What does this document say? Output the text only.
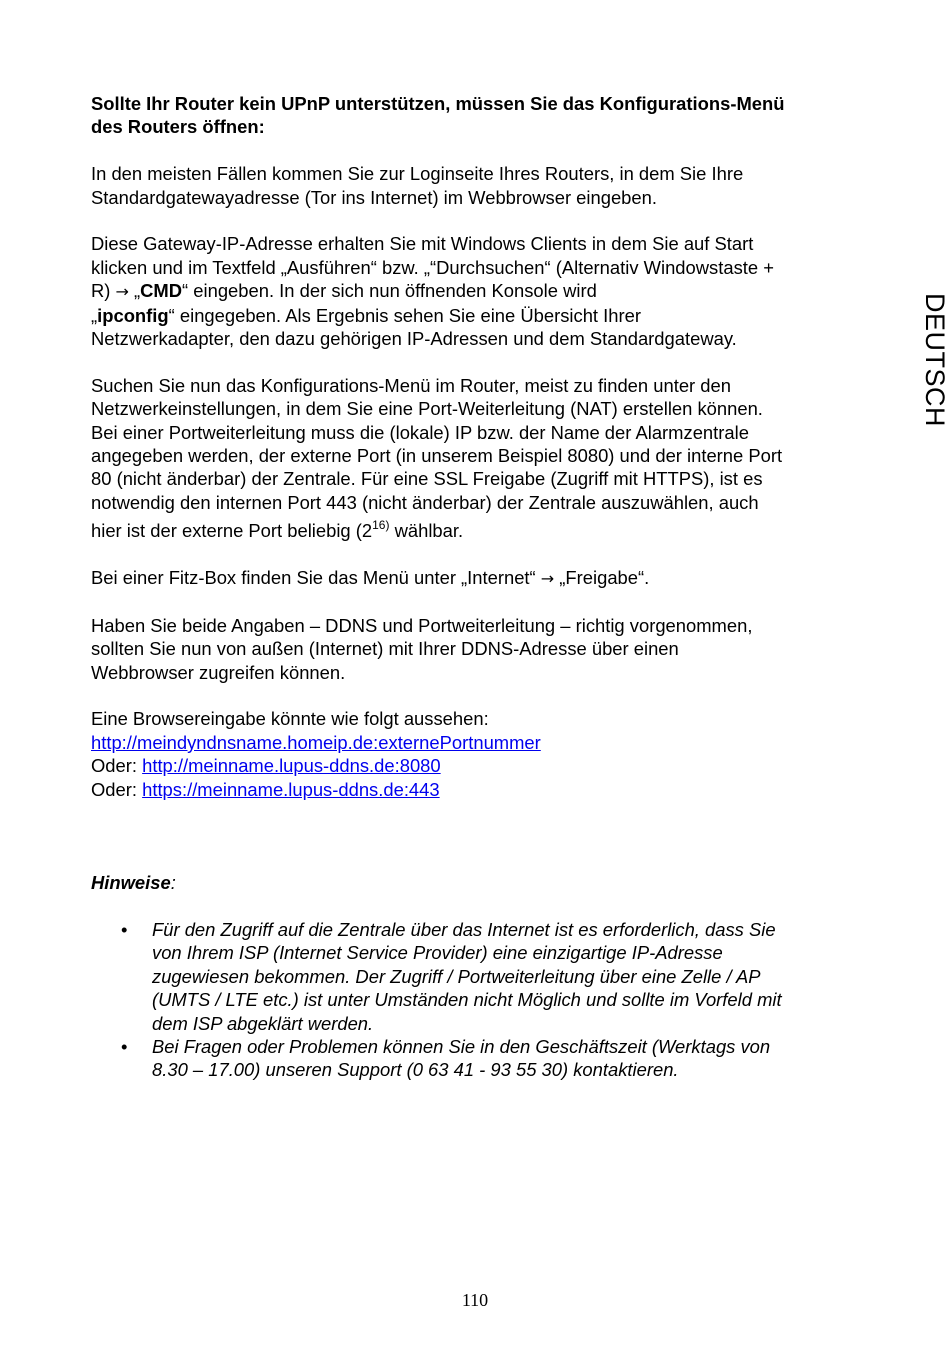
DEUTSCH

Sollte Ihr Router kein UPnP unterstützen, müssen Sie das Konfigurations-Menü

des Routers öffnen:

In den meisten Fällen kommen Sie zur Loginseite Ihres Routers, in dem Sie Ihre

Standardgatewayadresse (Tor ins Internet) im Webbrowser eingeben.

Diese Gateway-IP-Adresse erhalten Sie mit Windows Clients in dem Sie auf Start

klicken und im Textfeld „Ausführen“ bzw. „“Durchsuchen“ (Alternativ Windowstaste +

R) → „CMD“ eingeben. In der sich nun öffnenden Konsole wird

„ipconfig“ eingegeben. Als Ergebnis sehen Sie eine Übersicht Ihrer

Netzwerkadapter, den dazu gehörigen IP-Adressen und dem Standardgateway.

Suchen Sie nun das Konfigurations-Menü im Router, meist zu finden unter den

Netzwerkeinstellungen, in dem Sie eine Port-Weiterleitung (NAT) erstellen können.

Bei einer Portweiterleitung muss die (lokale) IP bzw. der Name der Alarmzentrale

angegeben werden, der externe Port (in unserem Beispiel 8080) und der interne Port

80 (nicht änderbar) der Zentrale. Für eine SSL Freigabe (Zugriff mit HTTPS), ist es

notwendig den internen Port 443 (nicht änderbar) der Zentrale auszuwählen, auch

hier ist der externe Port beliebig (2$^{16)}$ wählbar.

Bei einer Fitz-Box finden Sie das Menü unter „Internet“ → „Freigabe“.

Haben Sie beide Angaben – DDNS und Portweiterleitung – richtig vorgenommen,

sollten Sie nun von außen (Internet) mit Ihrer DDNS-Adresse über einen

Webbrowser zugreifen können.

Eine Browsereingabe könnte wie folgt aussehen:

http://meindyndnsname.homeip.de:externePortnummer

Oder: http://meinname.lupus-ddns.de:8080

Oder: https://meinname.lupus-ddns.de:443

Hinweise:

• Für den Zugriff auf die Zentrale über das Internet ist es erforderlich, dass Sie
von Ihrem ISP (Internet Service Provider) eine einzigartige IP-Adresse
zugewiesen bekommen. Der Zugriff / Portweiterleitung über eine Zelle / AP
(UMTS / LTE etc.) ist unter Umständen nicht Möglich und sollte im Vorfeld mit
dem ISP abgeklärt werden.
• Bei Fragen oder Problemen können Sie in den Geschäftszeit (Werktags von
8.30 – 17.00) unseren Support (0 63 41 - 93 55 30) kontaktieren.
110
